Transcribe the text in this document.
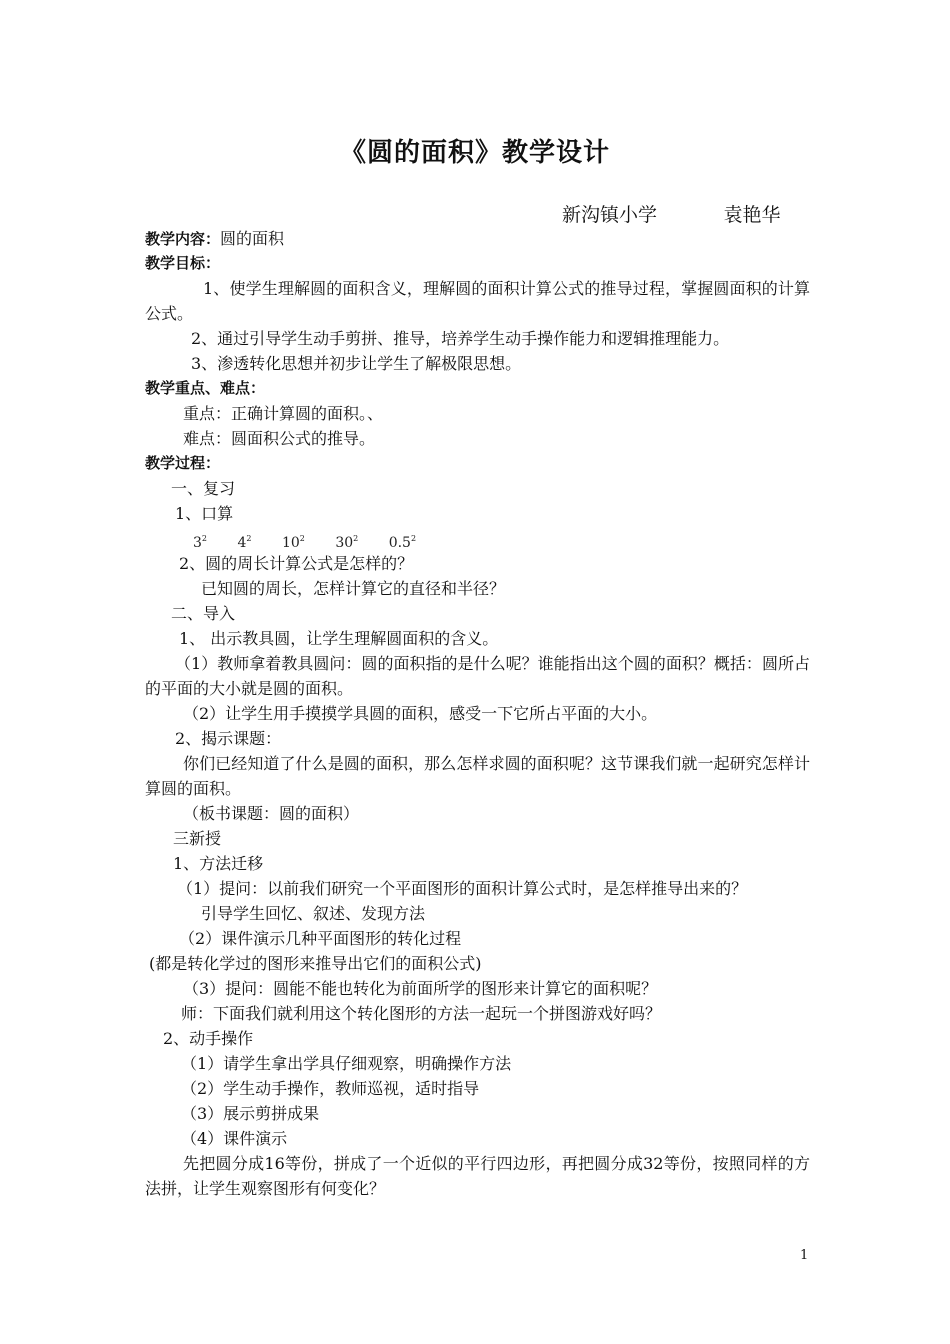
《圆的面积》教学设计
新沟镇小学	袁艳华
教学内容：圆的面积
教学目标：
1、使学生理解圆的面积含义，理解圆的面积计算公式的推导过程，掌握圆面积的计算公式。
2、通过引导学生动手剪拼、推导，培养学生动手操作能力和逻辑推理能力。
3、渗透转化思想并初步让学生了解极限思想。
教学重点、难点：
重点：正确计算圆的面积。、
难点：圆面积公式的推导。
教学过程：
一、复习
1、口算
$3^2$ $4^2$ $10^2$ $30^2$ $0.5^2$
2、圆的周长计算公式是怎样的？
已知圆的周长，怎样计算它的直径和半径？
二、导入
1、 出示教具圆，让学生理解圆面积的含义。
（1）教师拿着教具圆问：圆的面积指的是什么呢？谁能指出这个圆的面积？概括：圆所占的平面的大小就是圆的面积。
（2）让学生用手摸摸学具圆的面积，感受一下它所占平面的大小。
2、揭示课题：
你们已经知道了什么是圆的面积，那么怎样求圆的面积呢？这节课我们就一起研究怎样计算圆的面积。
（板书课题：圆的面积）
三新授
1、方法迁移
（1）提问：以前我们研究一个平面图形的面积计算公式时，是怎样推导出来的？
引导学生回忆、叙述、发现方法
（2）课件演示几种平面图形的转化过程
(都是转化学过的图形来推导出它们的面积公式)
（3）提问：圆能不能也转化为前面所学的图形来计算它的面积呢？
师：下面我们就利用这个转化图形的方法一起玩一个拼图游戏好吗？
2、动手操作
（1）请学生拿出学具仔细观察，明确操作方法
（2）学生动手操作，教师巡视，适时指导
（3）展示剪拼成果
（4）课件演示
先把圆分成16等份，拼成了一个近似的平行四边形，再把圆分成32等份，按照同样的方法拼，让学生观察图形有何变化？
1
